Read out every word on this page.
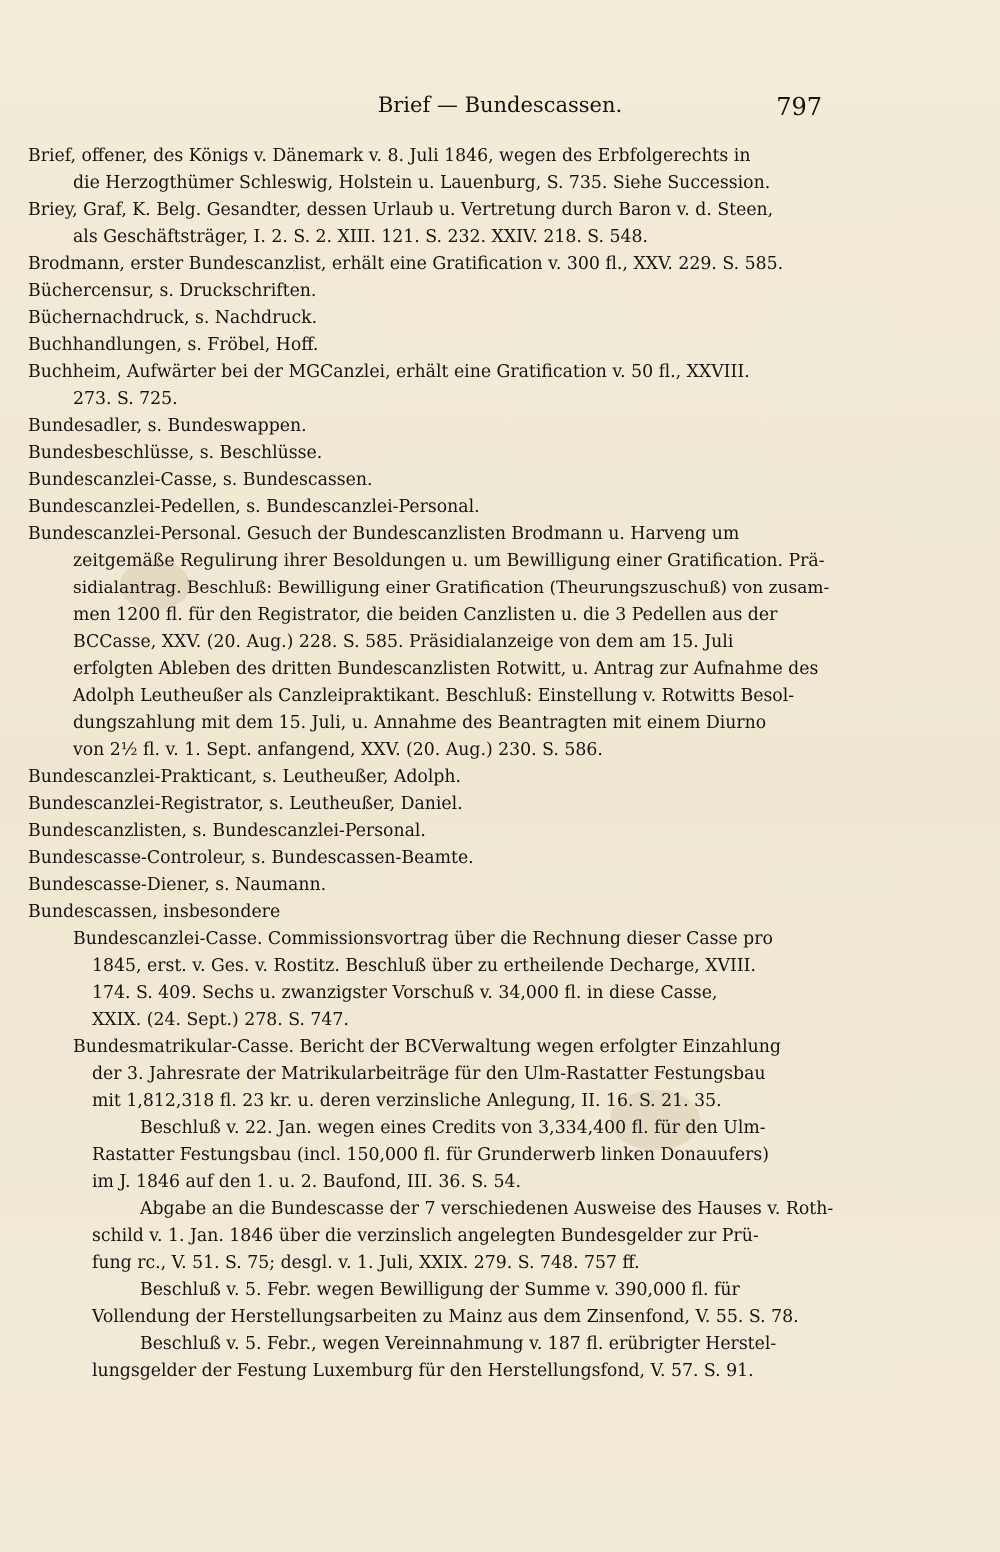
Brief — Bundescassen.	797
Brief, offener, des Königs v. Dänemark v. 8. Juli 1846, wegen des Erbfolgerechts in
die Herzogthümer Schleswig, Holstein u. Lauenburg, S. 735. Siehe Succession.
Briey, Graf, K. Belg. Gesandter, dessen Urlaub u. Vertretung durch Baron v. d. Steen,
als Geschäftsträger, I. 2. S. 2. XIII. 121. S. 232. XXIV. 218. S. 548.
Brodmann, erster Bundescanzlist, erhält eine Gratification v. 300 fl., XXV. 229. S. 585.
Büchercensur, s. Druckschriften.
Büchernachdruck, s. Nachdruck.
Buchhandlungen, s. Fröbel, Hoff.
Buchheim, Aufwärter bei der MGCanzlei, erhält eine Gratification v. 50 fl., XXVIII.
273. S. 725.
Bundesadler, s. Bundeswappen.
Bundesbeschlüsse, s. Beschlüsse.
Bundescanzlei-Casse, s. Bundescassen.
Bundescanzlei-Pedellen, s. Bundescanzlei-Personal.
Bundescanzlei-Personal. Gesuch der Bundescanzlisten Brodmann u. Harveng um
zeitgemäße Regulirung ihrer Besoldungen u. um Bewilligung einer Gratification. Prä-
sidialantrag. Beschluß: Bewilligung einer Gratification (Theurungszuschuß) von zusam-
men 1200 fl. für den Registrator, die beiden Canzlisten u. die 3 Pedellen aus der
BCCasse, XXV. (20. Aug.) 228. S. 585. Präsidialanzeige von dem am 15. Juli
erfolgten Ableben des dritten Bundescanzlisten Rotwitt, u. Antrag zur Aufnahme des
Adolph Leutheußer als Canzleipraktikant. Beschluß: Einstellung v. Rotwitts Besol-
dungszahlung mit dem 15. Juli, u. Annahme des Beantragten mit einem Diurno
von 2½ fl. v. 1. Sept. anfangend, XXV. (20. Aug.) 230. S. 586.
Bundescanzlei-Prakticant, s. Leutheußer, Adolph.
Bundescanzlei-Registrator, s. Leutheußer, Daniel.
Bundescanzlisten, s. Bundescanzlei-Personal.
Bundescasse-Controleur, s. Bundescassen-Beamte.
Bundescasse-Diener, s. Naumann.
Bundescassen, insbesondere
Bundescanzlei-Casse. Commissionsvortrag über die Rechnung dieser Casse pro
1845, erst. v. Ges. v. Rostitz. Beschluß über zu ertheilende Decharge, XVIII.
174. S. 409. Sechs u. zwanzigster Vorschuß v. 34,000 fl. in diese Casse,
XXIX. (24. Sept.) 278. S. 747.
Bundesmatrikular-Casse. Bericht der BCVerwaltung wegen erfolgter Einzahlung
der 3. Jahresrate der Matrikularbeiträge für den Ulm-Rastatter Festungsbau
mit 1,812,318 fl. 23 kr. u. deren verzinsliche Anlegung, II. 16. S. 21. 35.
Beschluß v. 22. Jan. wegen eines Credits von 3,334,400 fl. für den Ulm-
Rastatter Festungsbau (incl. 150,000 fl. für Grunderwerb linken Donauufers)
im J. 1846 auf den 1. u. 2. Baufond, III. 36. S. 54.
Abgabe an die Bundescasse der 7 verschiedenen Ausweise des Hauses v. Roth-
schild v. 1. Jan. 1846 über die verzinslich angelegten Bundesgelder zur Prü-
fung rc., V. 51. S. 75; desgl. v. 1. Juli, XXIX. 279. S. 748. 757 ff.
Beschluß v. 5. Febr. wegen Bewilligung der Summe v. 390,000 fl. für
Vollendung der Herstellungsarbeiten zu Mainz aus dem Zinsenfond, V. 55. S. 78.
Beschluß v. 5. Febr., wegen Vereinnahmung v. 187 fl. erübrigter Herstel-
lungsgelder der Festung Luxemburg für den Herstellungsfond, V. 57. S. 91.
